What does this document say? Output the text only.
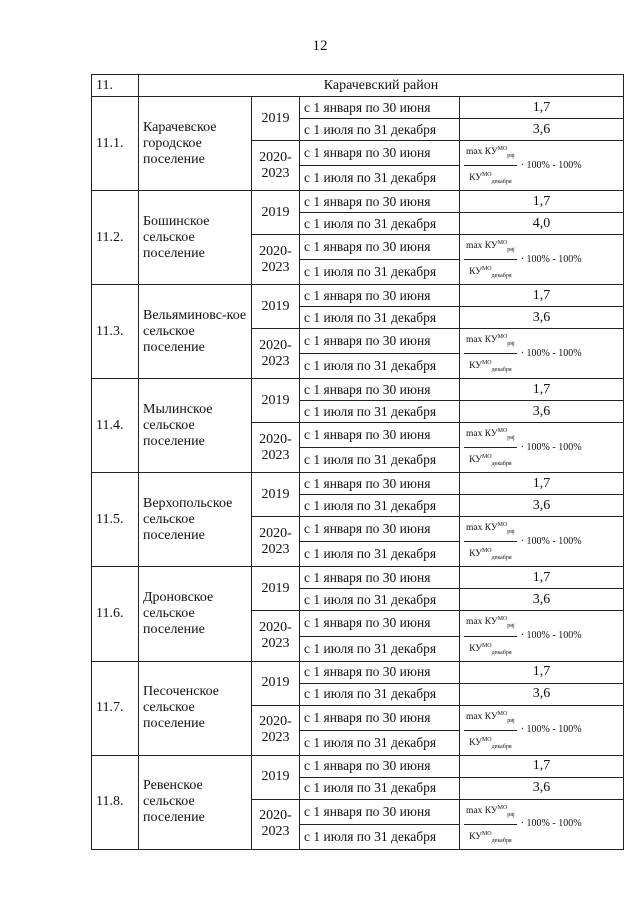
12
11.	Карачевский район			
11.1.	Карачевское городское поселение	2019	с 1 января по 30 июня	1,7
			с 1 июля по 31 декабря	3,6
		2020-2023	с 1 января по 30 июня	$\frac{\max КУ^{МО}_{ряj}}{КУ^{МО}_{декабря}} \cdot 100\% - 100\%$

			с 1 июля по 31 декабря	
11.2.	Бошинское сельское поселение	2019	с 1 января по 30 июня	1,7
			с 1 июля по 31 декабря	4,0
		2020-2023	с 1 января по 30 июня	$\frac{\max КУ^{МО}_{ряj}}{КУ^{МО}_{декабря}} \cdot 100\% - 100\%$

			с 1 июля по 31 декабря	
11.3.	Вельяминовс-кое сельское поселение	2019	с 1 января по 30 июня	1,7
			с 1 июля по 31 декабря	3,6
		2020-2023	с 1 января по 30 июня	$\frac{\max КУ^{МО}_{ряj}}{КУ^{МО}_{декабря}} \cdot 100\% - 100\%$

			с 1 июля по 31 декабря	
11.4.	Мылинское сельское поселение	2019	с 1 января по 30 июня	1,7
			с 1 июля по 31 декабря	3,6
		2020-2023	с 1 января по 30 июня	$\frac{\max КУ^{МО}_{ряj}}{КУ^{МО}_{декабря}} \cdot 100\% - 100\%$

			с 1 июля по 31 декабря	
11.5.	Верхопольское сельское поселение	2019	с 1 января по 30 июня	1,7
			с 1 июля по 31 декабря	3,6
		2020-2023	с 1 января по 30 июня	$\frac{\max КУ^{МО}_{ряj}}{КУ^{МО}_{декабря}} \cdot 100\% - 100\%$

			с 1 июля по 31 декабря	
11.6.	Дроновское сельское поселение	2019	с 1 января по 30 июня	1,7
			с 1 июля по 31 декабря	3,6
		2020-2023	с 1 января по 30 июня	$\frac{\max КУ^{МО}_{ряj}}{КУ^{МО}_{декабря}} \cdot 100\% - 100\%$

			с 1 июля по 31 декабря	
11.7.	Песоченское сельское поселение	2019	с 1 января по 30 июня	1,7
			с 1 июля по 31 декабря	3,6
		2020-2023	с 1 января по 30 июня	$\frac{\max КУ^{МО}_{ряj}}{КУ^{МО}_{декабря}} \cdot 100\% - 100\%$

			с 1 июля по 31 декабря	
11.8.	Ревенское сельское поселение	2019	с 1 января по 30 июня	1,7
			с 1 июля по 31 декабря	3,6
		2020-2023	с 1 января по 30 июня	$\frac{\max КУ^{МО}_{ряj}}{КУ^{МО}_{декабря}} \cdot 100\% - 100\%$

			с 1 июля по 31 декабря	
